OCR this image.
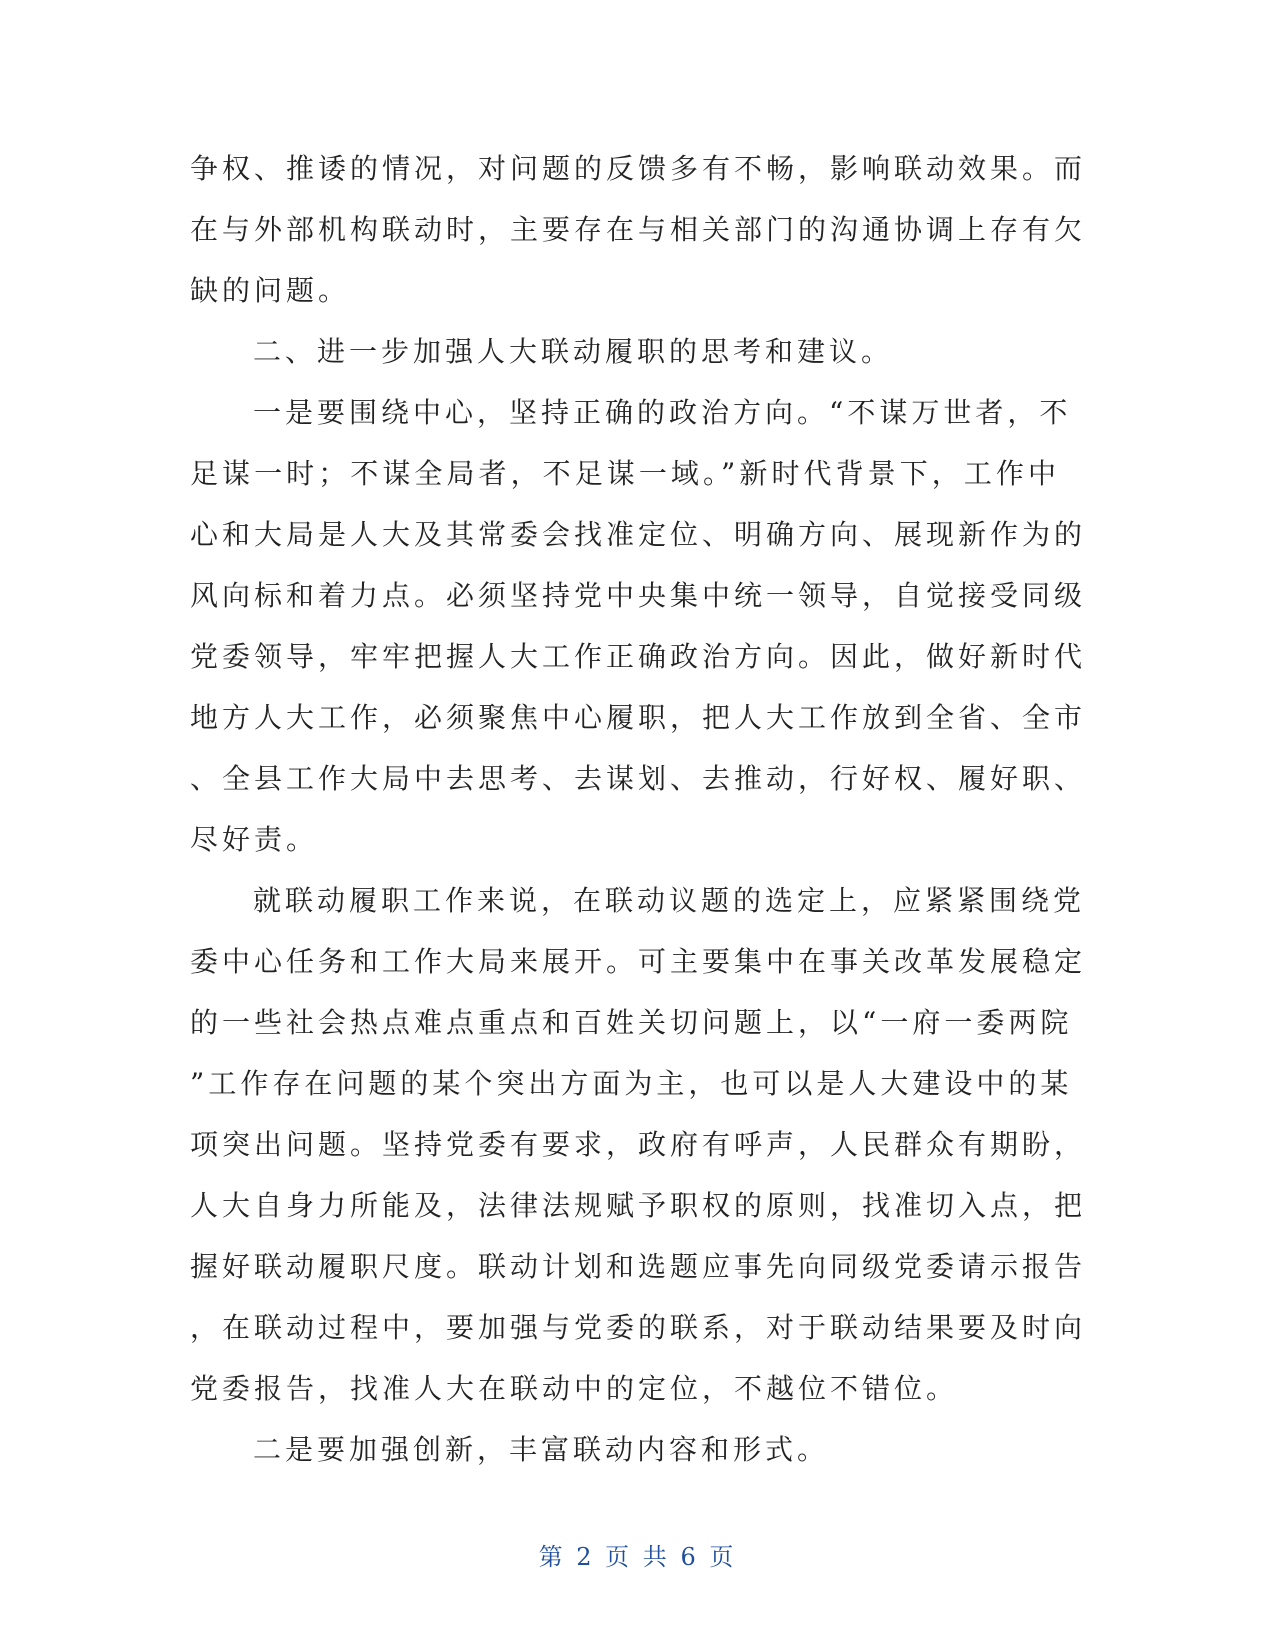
争权、推诿的情况，对问题的反馈多有不畅，影响联动效果。而
在与外部机构联动时，主要存在与相关部门的沟通协调上存有欠
缺的问题。
二、进一步加强人大联动履职的思考和建议。
一是要围绕中心，坚持正确的政治方向。“不谋万世者，不
足谋一时；不谋全局者，不足谋一域。”新时代背景下，工作中
心和大局是人大及其常委会找准定位、明确方向、展现新作为的
风向标和着力点。必须坚持党中央集中统一领导，自觉接受同级
党委领导，牢牢把握人大工作正确政治方向。因此，做好新时代
地方人大工作，必须聚焦中心履职，把人大工作放到全省、全市
、全县工作大局中去思考、去谋划、去推动，行好权、履好职、
尽好责。
就联动履职工作来说，在联动议题的选定上，应紧紧围绕党
委中心任务和工作大局来展开。可主要集中在事关改革发展稳定
的一些社会热点难点重点和百姓关切问题上，以“一府一委两院
”工作存在问题的某个突出方面为主，也可以是人大建设中的某
项突出问题。坚持党委有要求，政府有呼声，人民群众有期盼，
人大自身力所能及，法律法规赋予职权的原则，找准切入点，把
握好联动履职尺度。联动计划和选题应事先向同级党委请示报告
，在联动过程中，要加强与党委的联系，对于联动结果要及时向
党委报告，找准人大在联动中的定位，不越位不错位。
二是要加强创新，丰富联动内容和形式。
第 2 页 共 6 页
